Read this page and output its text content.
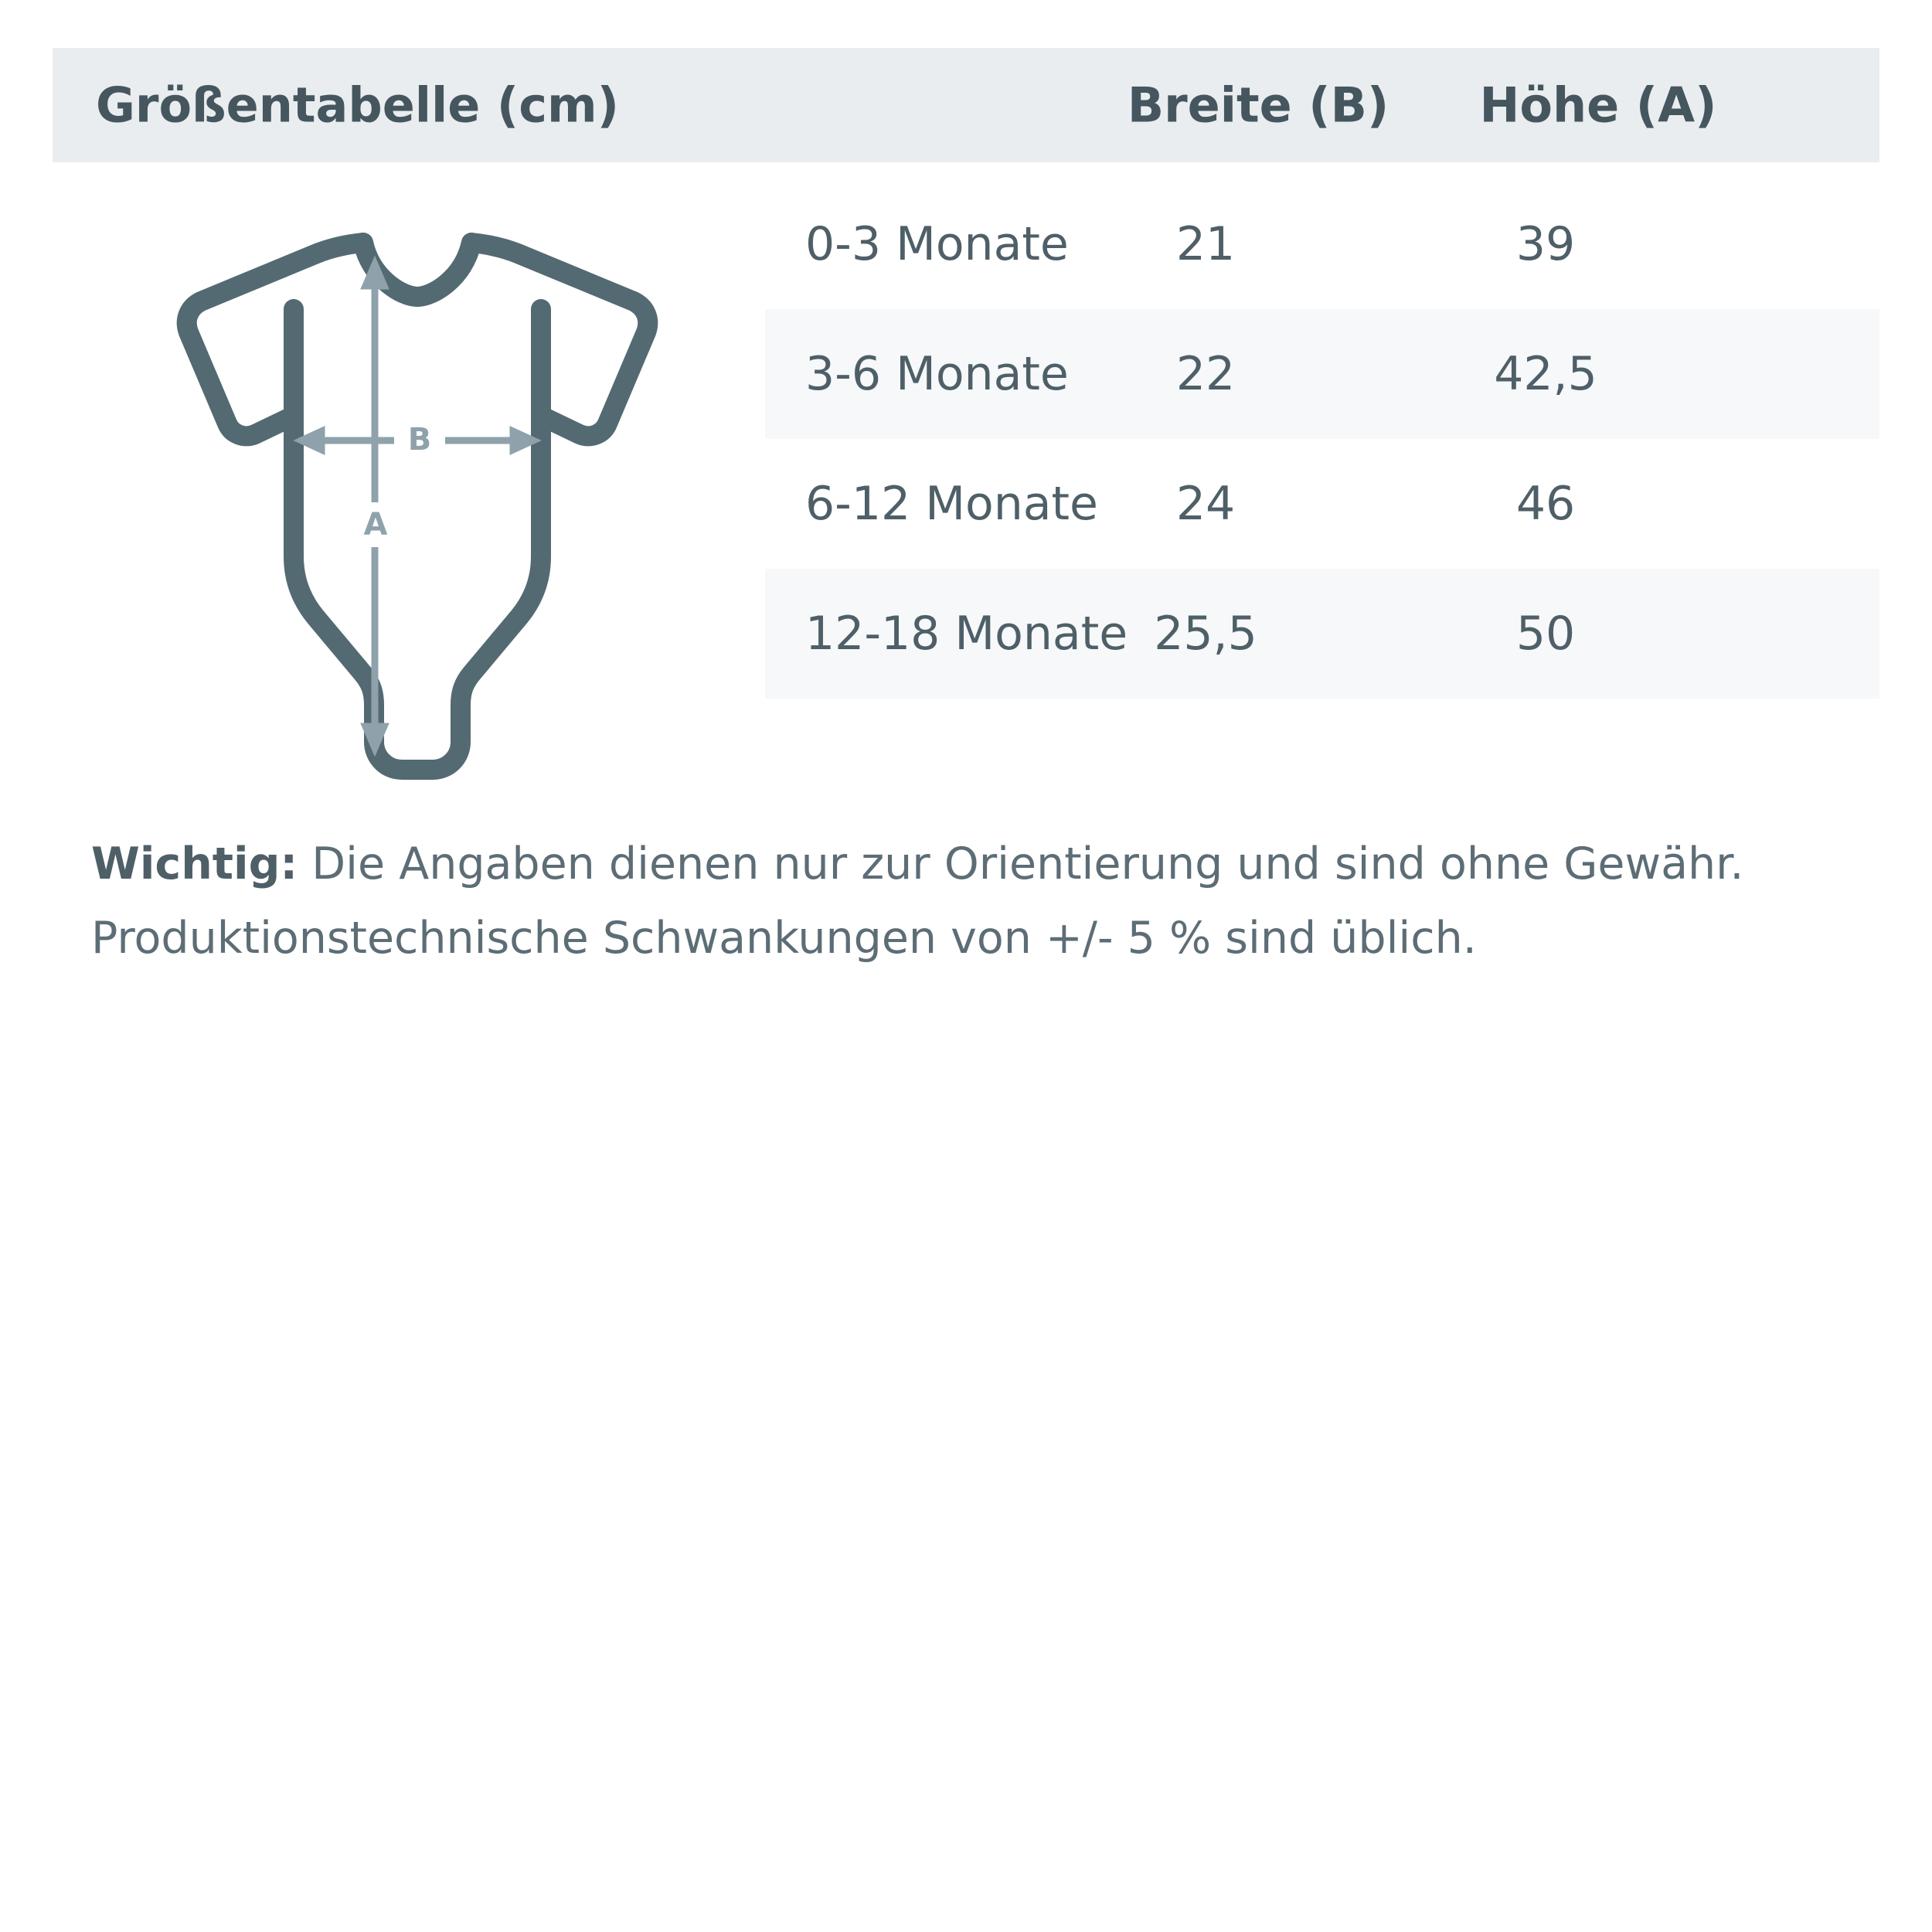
Größentabelle (cm)	Breite (B)	Höhe (A)
B
A
0-3 Monate	21	39
3-6 Monate	22	42,5
6-12 Monate	24	46
12-18 Monate 25,5	50
Wichtig: Die Angaben dienen nur zur Orientierung und sind ohne Gewähr.
Produktionstechnische Schwankungen von +/- 5 % sind üblich.
